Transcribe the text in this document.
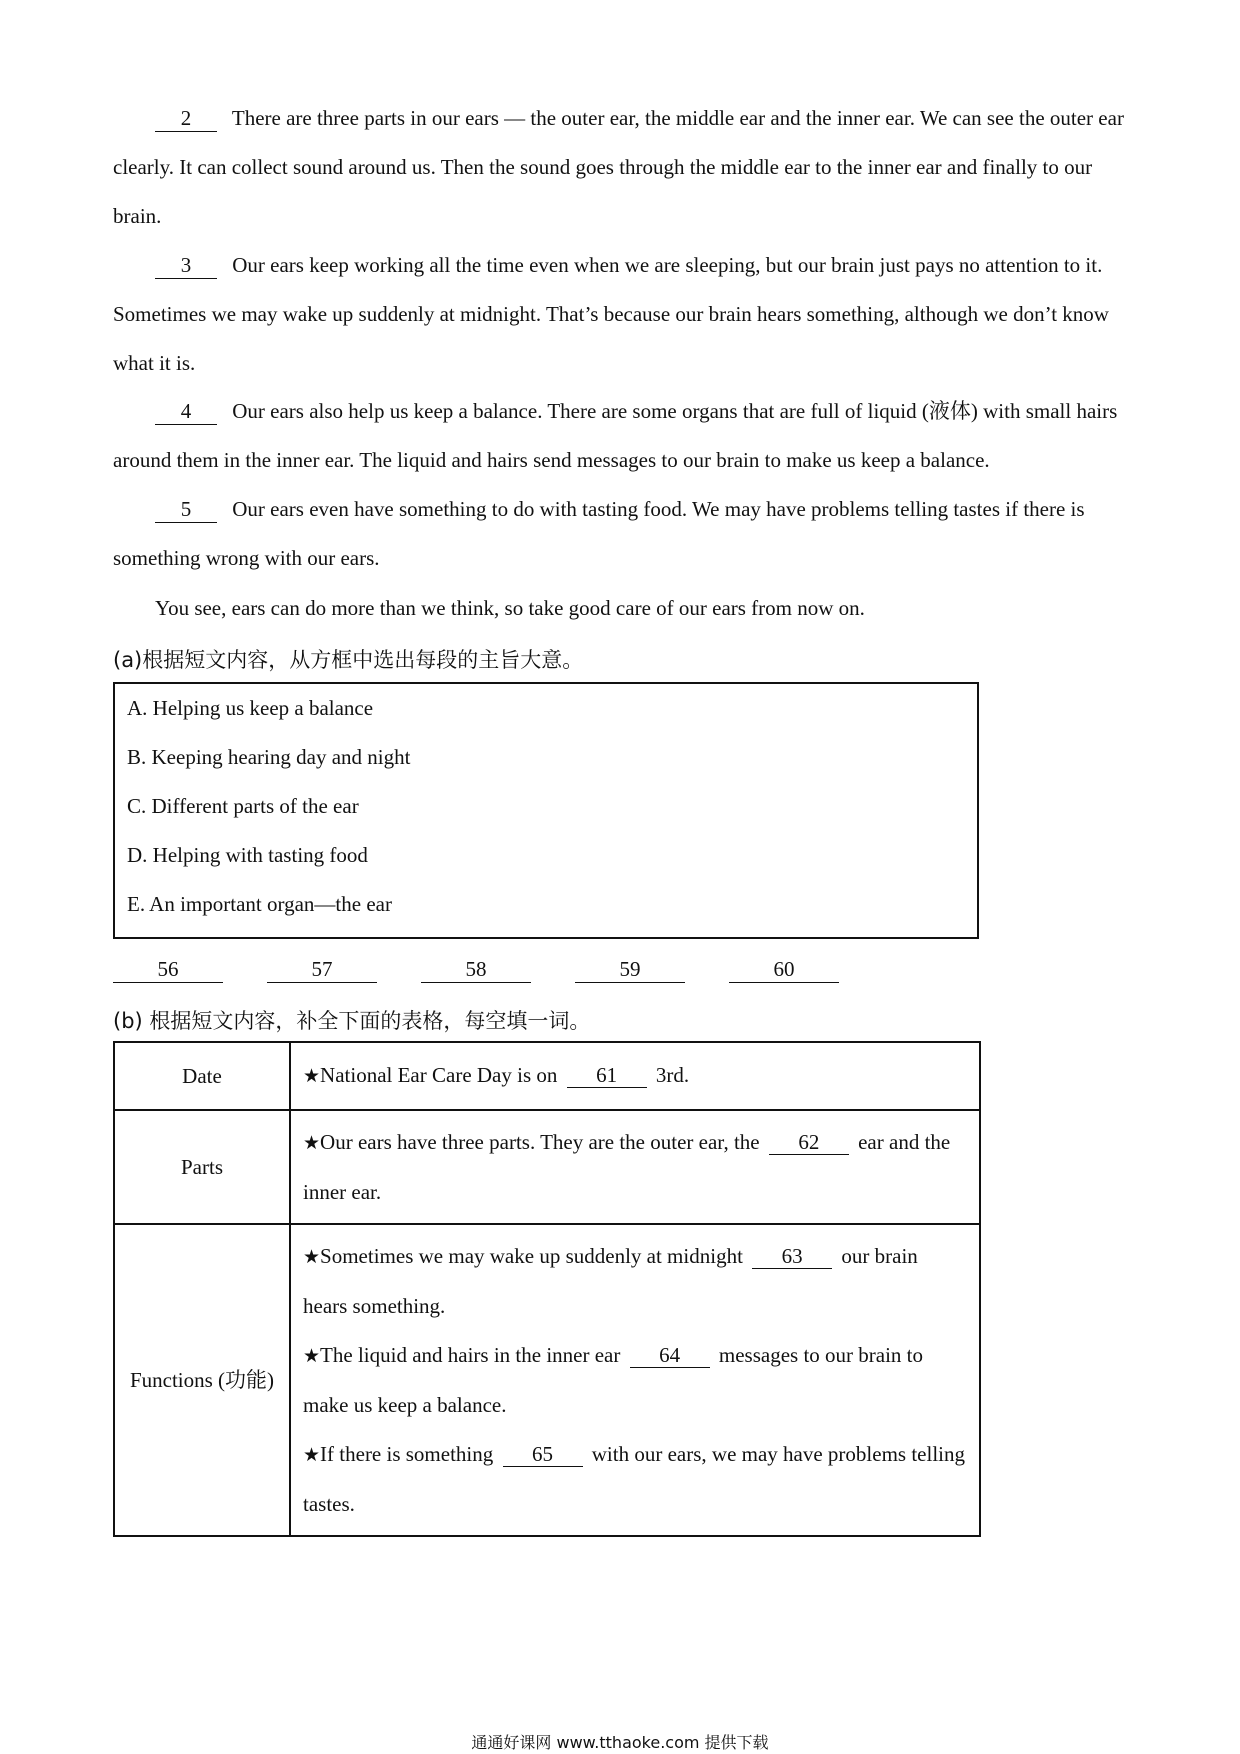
2 There are three parts in our ears — the outer ear, the middle ear and the inner ear. We can see the outer ear clearly. It can collect sound around us. Then the sound goes through the middle ear to the inner ear and finally to our brain.
3 Our ears keep working all the time even when we are sleeping, but our brain just pays no attention to it. Sometimes we may wake up suddenly at midnight. That’s because our brain hears something, although we don’t know what it is.
4 Our ears also help us keep a balance. There are some organs that are full of liquid (液体) with small hairs around them in the inner ear. The liquid and hairs send messages to our brain to make us keep a balance.
5 Our ears even have something to do with tasting food. We may have problems telling tastes if there is something wrong with our ears.
You see, ears can do more than we think, so take good care of our ears from now on.
(a)根据短文内容，从方框中选出每段的主旨大意。
A. Helping us keep a balance
B. Keeping hearing day and night
C. Different parts of the ear
D. Helping with tasting food
E. An important organ—the ear
56	57	58	59	60
(b) 根据短文内容，补全下面的表格，每空填一词。
Date	★National Ear Care Day is on 61 3rd.
Parts	★Our ears have three parts. They are the outer ear, the 62 ear and the inner ear.
Functions (功能)	★Sometimes we may wake up suddenly at midnight 63 our brain hears something.
★The liquid and hairs in the inner ear 64 messages to our brain to make us keep a balance.
★If there is something 65 with our ears, we may have problems telling tastes.
通通好课网 www.tthaoke.com 提供下载
